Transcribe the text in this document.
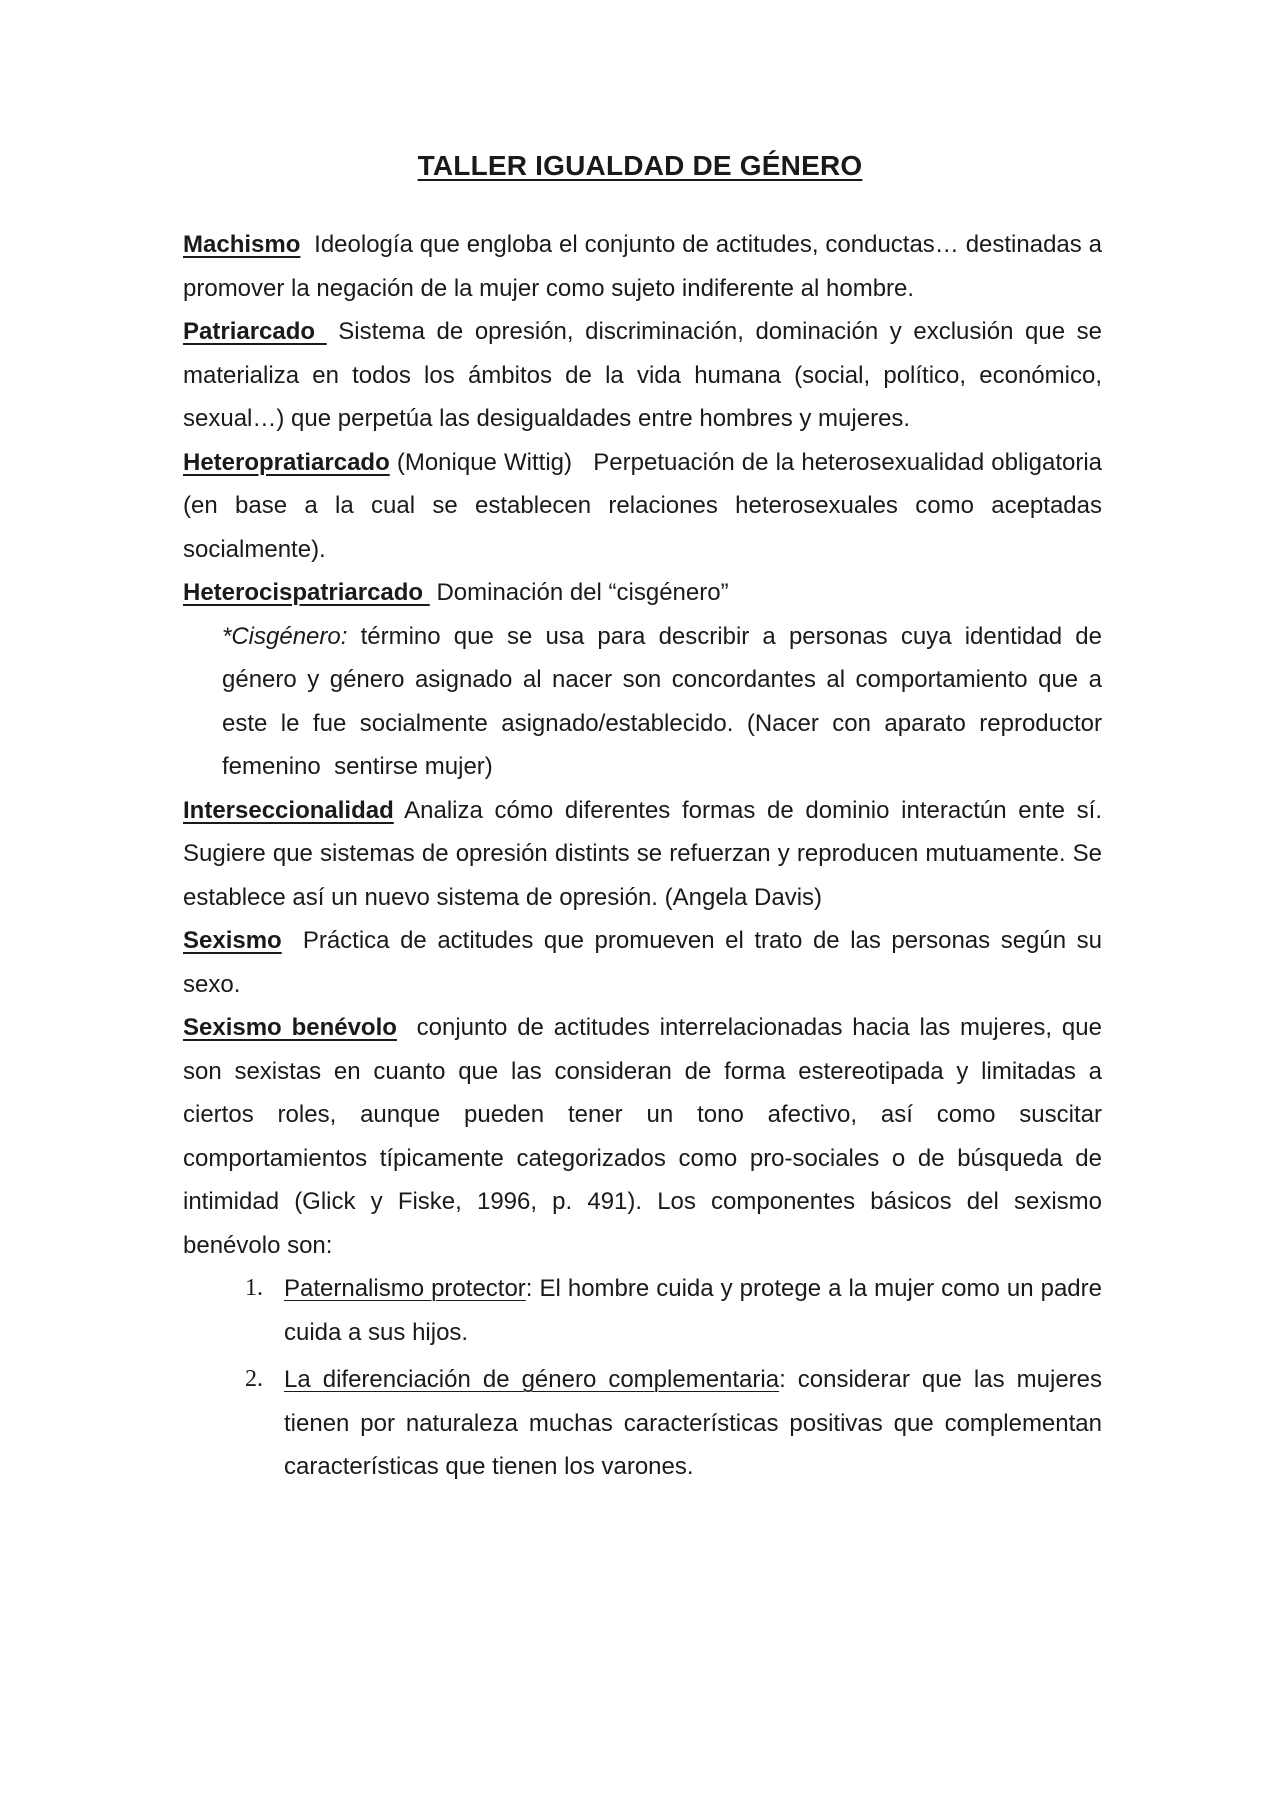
TALLER IGUALDAD DE GÉNERO

Machismo Ideología que engloba el conjunto de actitudes, conductas… destinadas a promover la negación de la mujer como sujeto indiferente al hombre.

Patriarcado  Sistema de opresión, discriminación, dominación y exclusión que se materializa en todos los ámbitos de la vida humana (social, político, económico, sexual…) que perpetúa las desigualdades entre hombres y mujeres.

Heteropratiarcado (Monique Wittig)   Perpetuación de la heterosexualidad obligatoria (en base a la cual se establecen relaciones heterosexuales como aceptadas socialmente).

Heterocispatriarcado  Dominación del “cisgénero”

*Cisgénero: término que se usa para describir a personas cuya identidad de género y género asignado al nacer son concordantes al comportamiento que a este le fue socialmente asignado/establecido. (Nacer con aparato reproductor femenino  sentirse mujer)

Interseccionalidad Analiza cómo diferentes formas de dominio interactún ente sí. Sugiere que sistemas de opresión distints se refuerzan y reproducen mutuamente. Se establece así un nuevo sistema de opresión. (Angela Davis)

Sexismo Práctica de actitudes que promueven el trato de las personas según su sexo.

Sexismo benévolo conjunto de actitudes interrelacionadas hacia las mujeres, que son sexistas en cuanto que las consideran de forma estereotipada y limitadas a ciertos roles, aunque pueden tener un tono afectivo, así como suscitar comportamientos típicamente categorizados como pro-sociales o de búsqueda de intimidad (Glick y Fiske, 1996, p. 491). Los componentes básicos del sexismo benévolo son:

1. Paternalismo protector: El hombre cuida y protege a la mujer como un padre cuida a sus hijos.
2. La diferenciación de género complementaria: considerar que las mujeres tienen por naturaleza muchas características positivas que complementan características que tienen los varones.
